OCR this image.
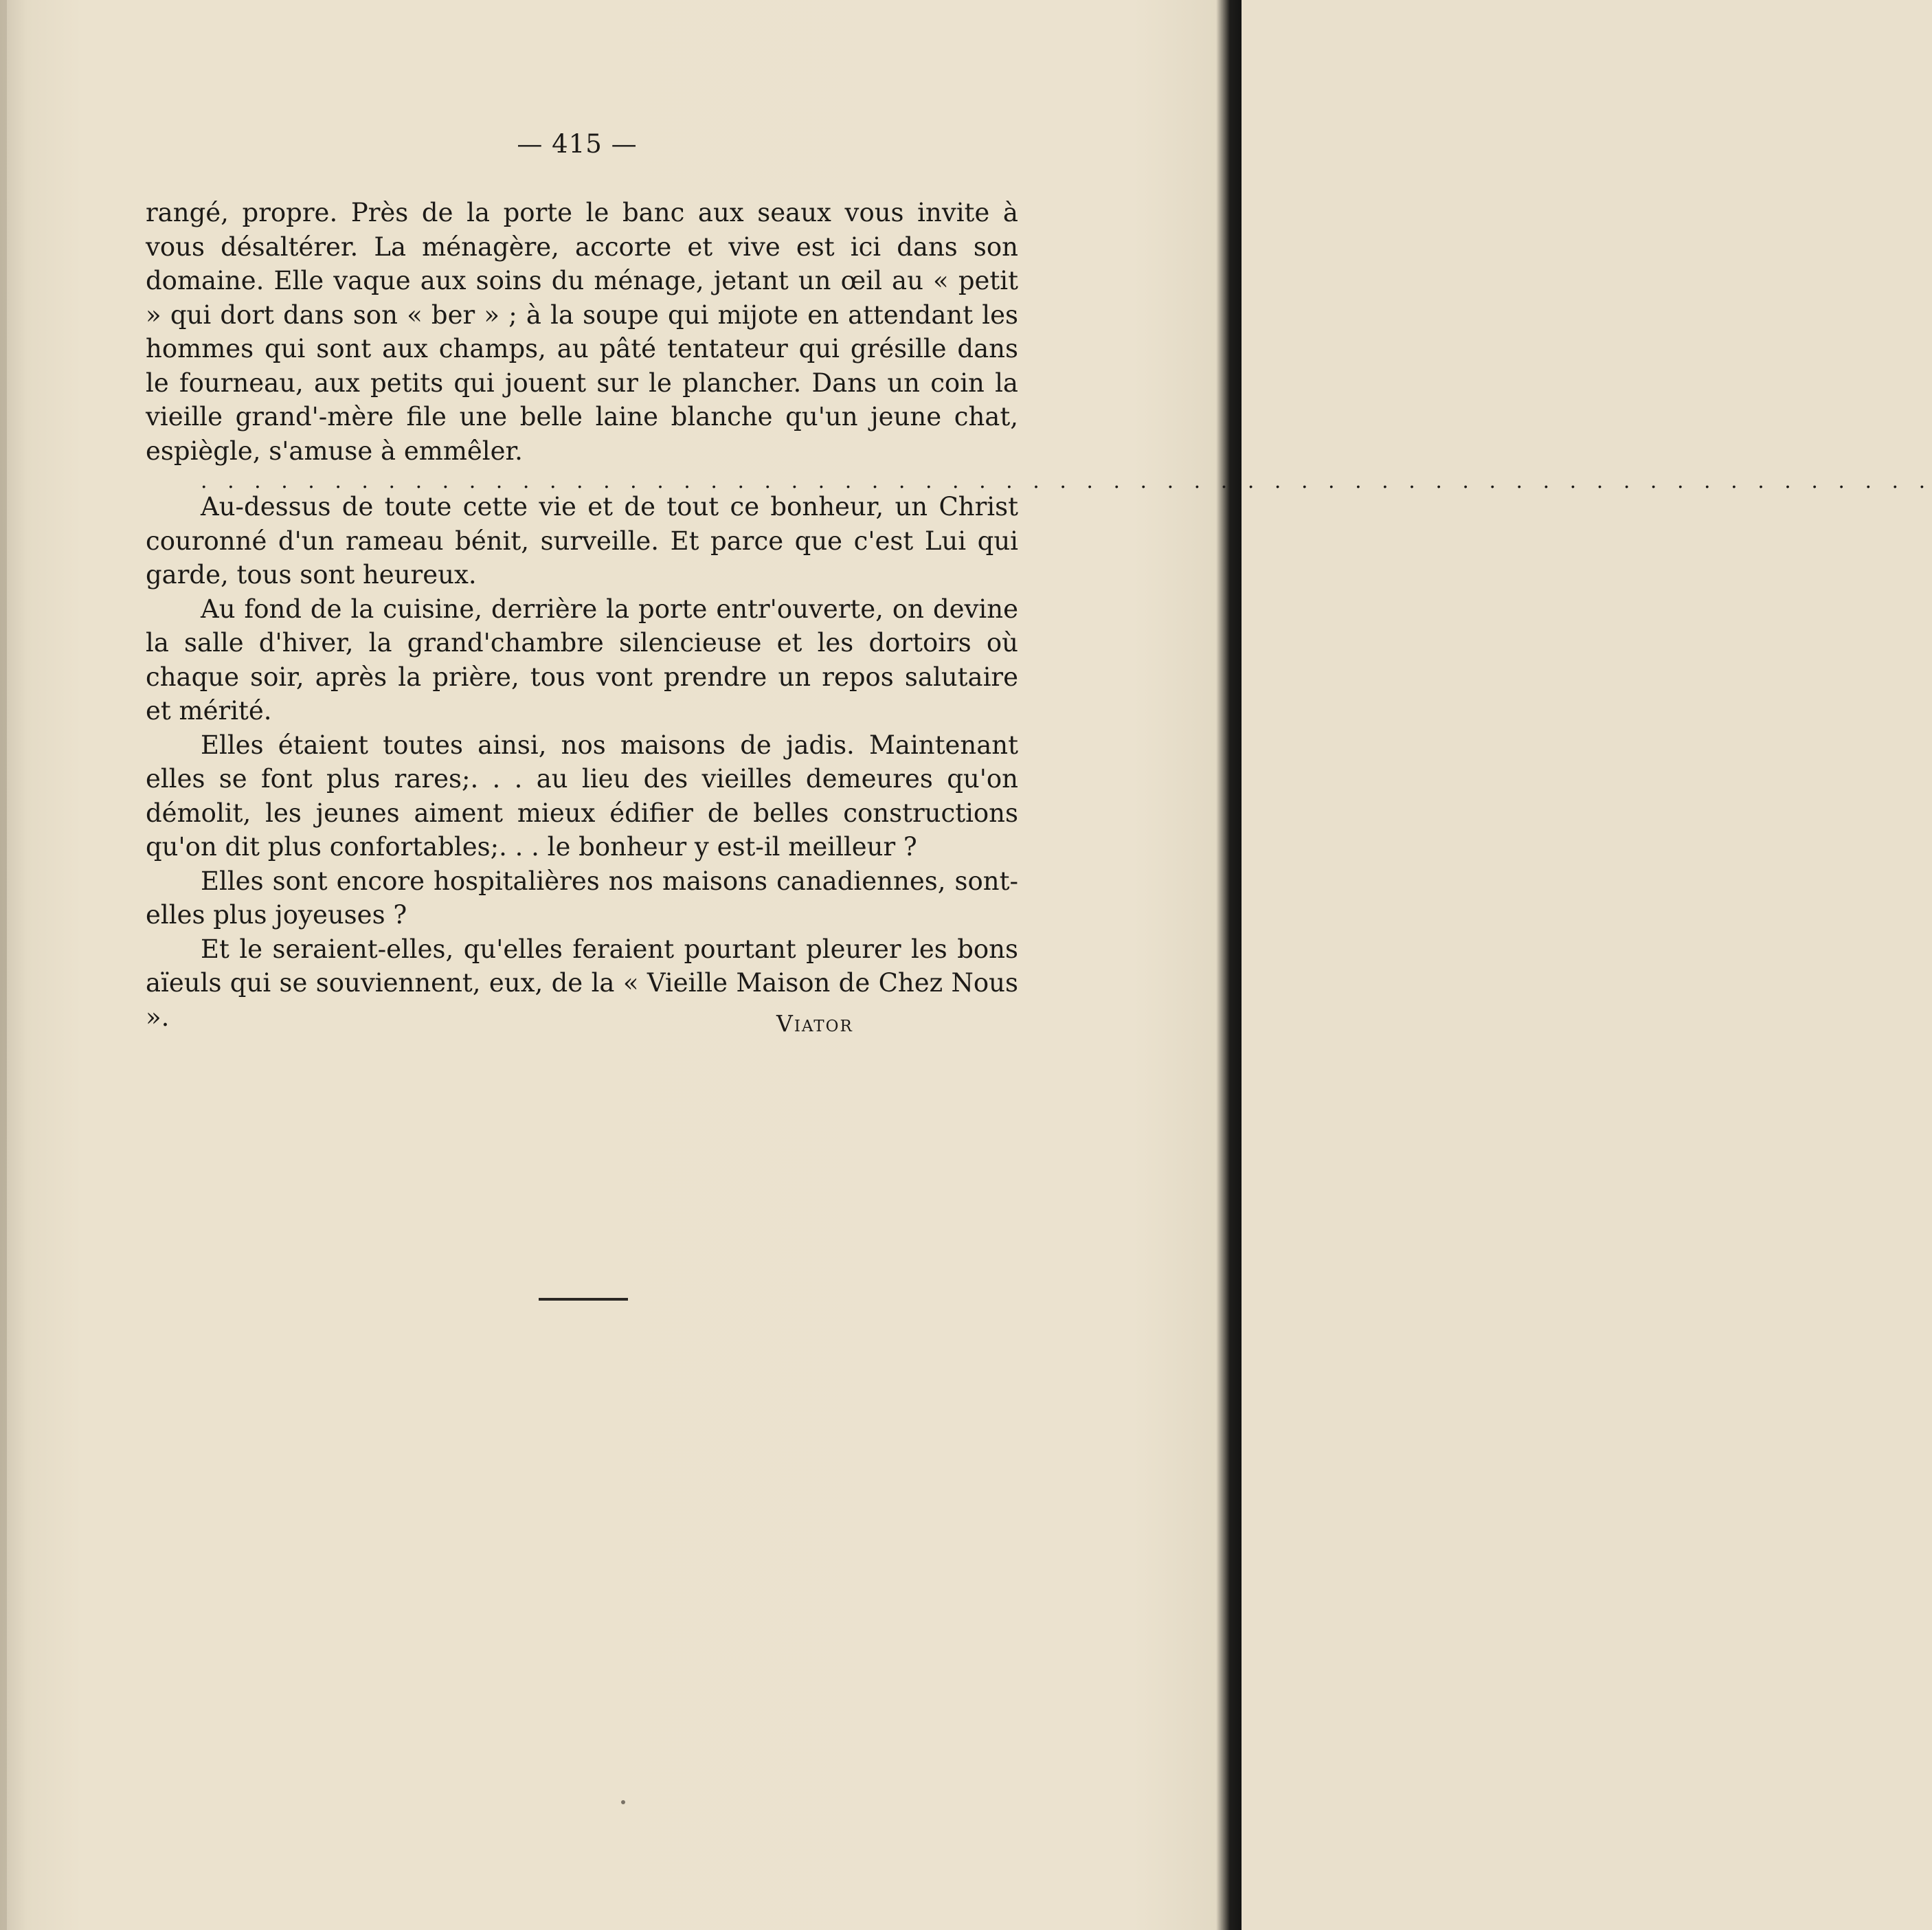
— 415 —

rangé, propre. Près de la porte le banc aux seaux vous invite à vous désaltérer. La ménagère, accorte et vive est ici dans son domaine. Elle vaque aux soins du ménage, jetant un œil au « petit » qui dort dans son « ber » ; à la soupe qui mijote en attendant les hommes qui sont aux champs, au pâté tentateur qui grésille dans le fourneau, aux petits qui jouent sur le plancher. Dans un coin la vieille grand'-mère file une belle laine blanche qu'un jeune chat, espiègle, s'amuse à emmêler.

. . . . . . . . . . . . . . . . . . . . . . . . . . . . . . . . . . . . . . . . . . . . . . . . . . . . . . . . . . . . . . . . .

Au-dessus de toute cette vie et de tout ce bonheur, un Christ couronné d'un rameau bénit, surveille. Et parce que c'est Lui qui garde, tous sont heureux.

Au fond de la cuisine, derrière la porte entr'ouverte, on devine la salle d'hiver, la grand'chambre silencieuse et les dortoirs où chaque soir, après la prière, tous vont prendre un repos salutaire et mérité.

Elles étaient toutes ainsi, nos maisons de jadis. Maintenant elles se font plus rares;. . . au lieu des vieilles demeures qu'on démolit, les jeunes aiment mieux édifier de belles constructions qu'on dit plus confortables;. . . le bonheur y est-il meilleur ?

Elles sont encore hospitalières nos maisons canadiennes, sont-elles plus joyeuses ?

Et le seraient-elles, qu'elles feraient pourtant pleurer les bons aïeuls qui se souviennent, eux, de la « Vieille Maison de Chez Nous ».	Viator
